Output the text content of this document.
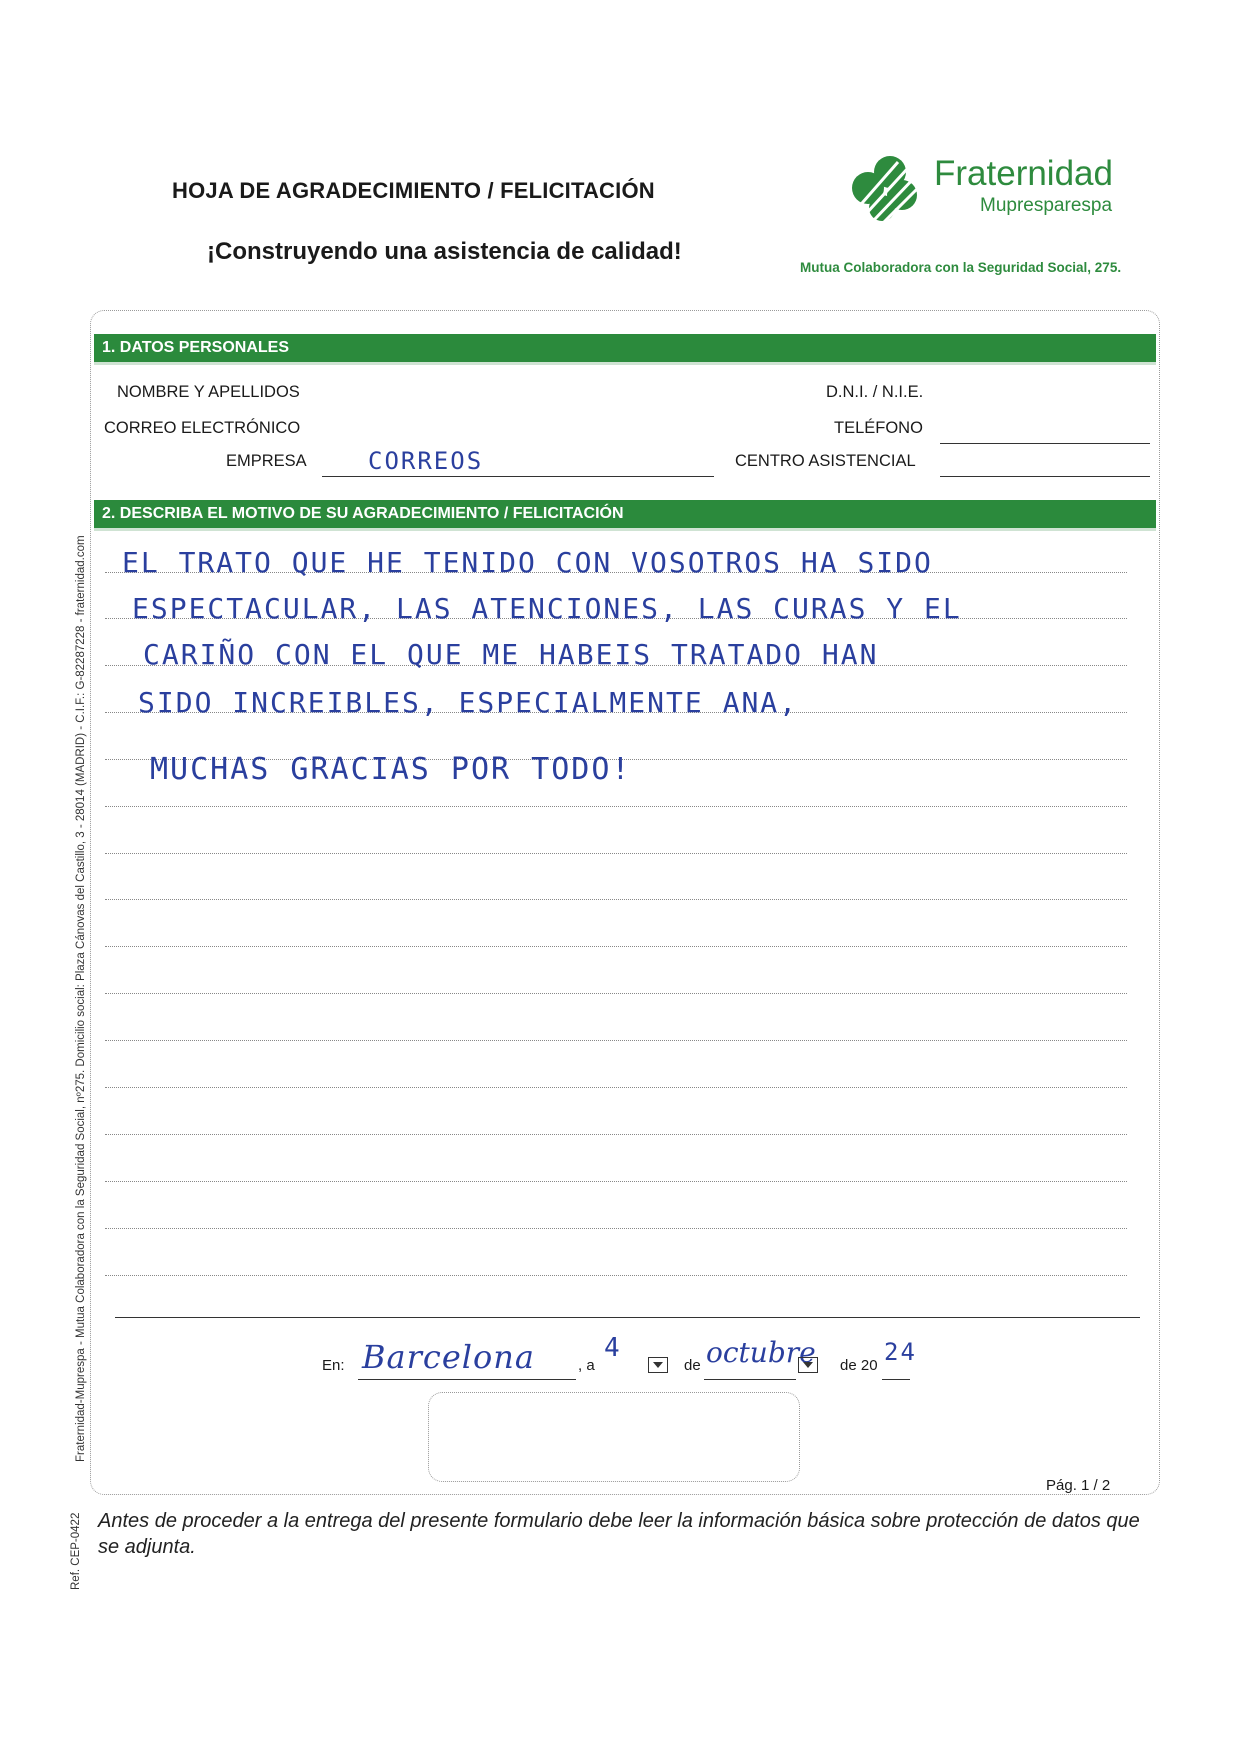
HOJA DE AGRADECIMIENTO / FELICITACIÓN
¡Construyendo una asistencia de calidad!
Fraternidad
Mupresparespa
Mutua Colaboradora con la Seguridad Social, 275.
Fraternidad-Muprespa - Mutua Colaboradora con la Seguridad Social, nº275. Domicilio social: Plaza Cánovas del Castillo, 3 - 28014 (MADRID) - C.I.F.: G-82287228 - fraternidad.com
Ref. CEP-0422
1. DATOS PERSONALES
NOMBRE Y APELLIDOS	D.N.I. / N.I.E.
CORREO ELECTRÓNICO	TELÉFONO
EMPRESA	CORREOS	CENTRO ASISTENCIAL
2. DESCRIBA EL MOTIVO DE SU AGRADECIMIENTO / FELICITACIÓN
EL TRATO QUE HE TENIDO CON VOSOTROS HA SIDO
ESPECTACULAR, LAS ATENCIONES, LAS CURAS Y EL
CARIÑO CON EL QUE ME HABEIS TRATADO HAN
SIDO INCREIBLES, ESPECIALMENTE ANA,
MUCHAS GRACIAS POR TODO!
En: Barcelona	, a
4
de octubre de 20 24
Pág. 1 / 2
Antes de proceder a la entrega del presente formulario debe leer la información básica sobre protección de datos que se adjunta.
